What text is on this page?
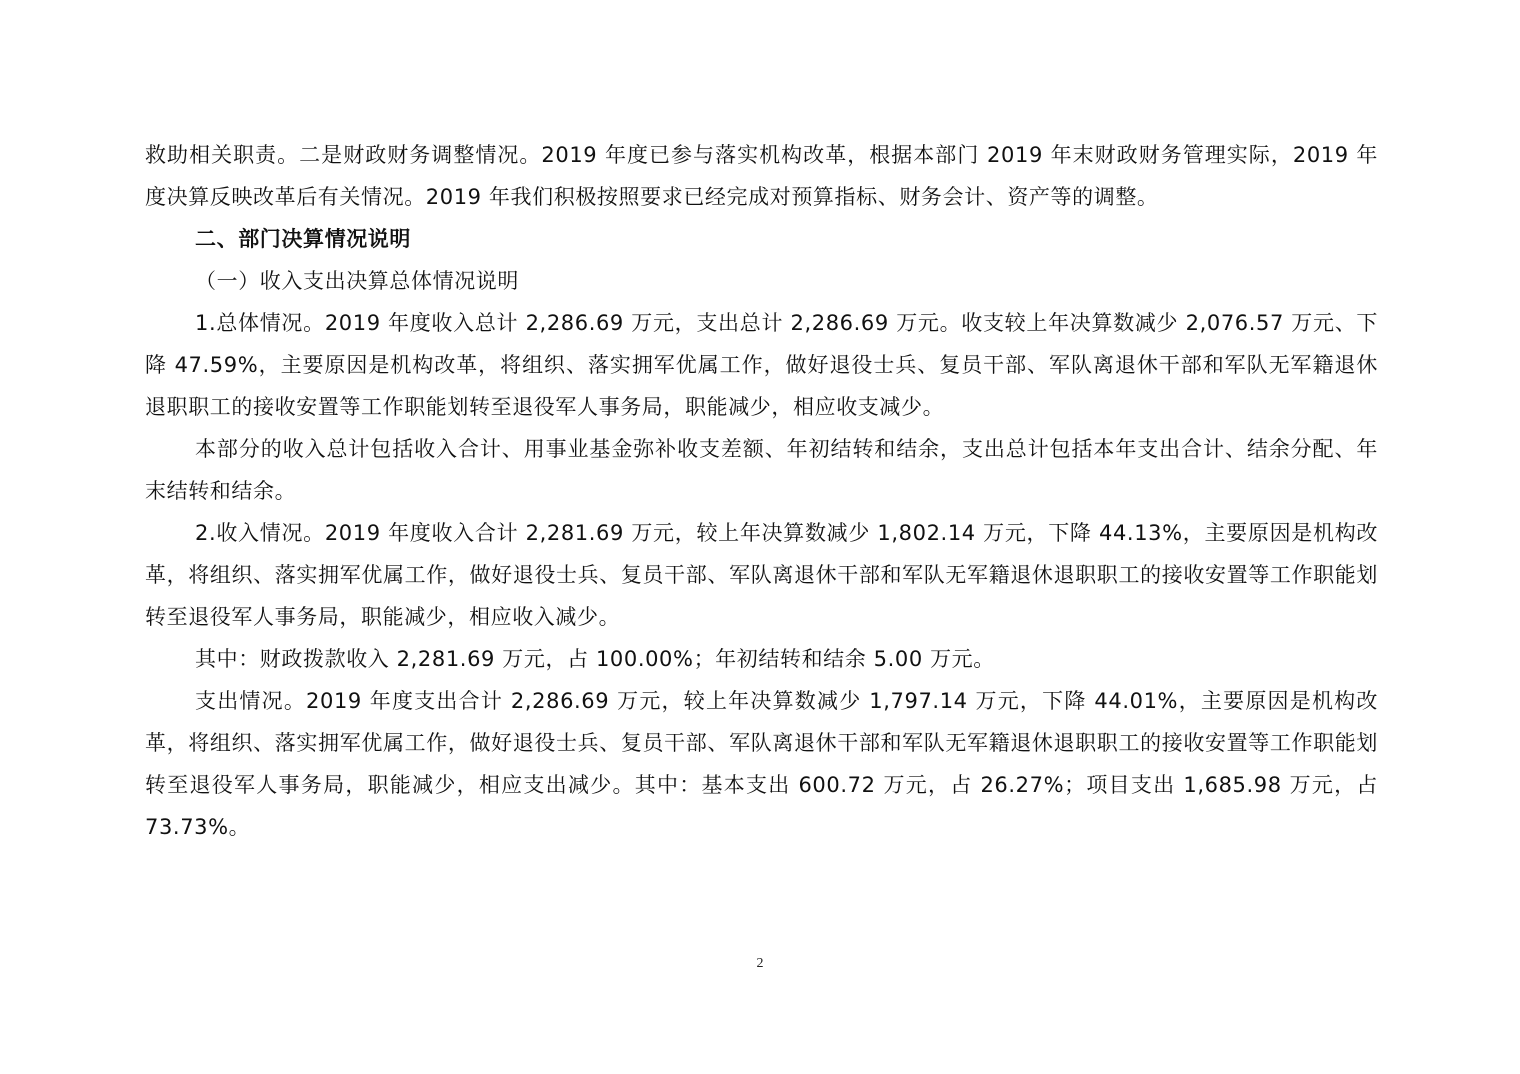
救助相关职责。二是财政财务调整情况。2019 年度已参与落实机构改革，根据本部门 2019 年末财政财务管理实际，2019 年度决算反映改革后有关情况。2019 年我们积极按照要求已经完成对预算指标、财务会计、资产等的调整。

二、部门决算情况说明

（一）收入支出决算总体情况说明

1.总体情况。2019 年度收入总计 2,286.69 万元，支出总计 2,286.69 万元。收支较上年决算数减少 2,076.57 万元、下降 47.59%，主要原因是机构改革，将组织、落实拥军优属工作，做好退役士兵、复员干部、军队离退休干部和军队无军籍退休退职职工的接收安置等工作职能划转至退役军人事务局，职能减少，相应收支减少。

本部分的收入总计包括收入合计、用事业基金弥补收支差额、年初结转和结余，支出总计包括本年支出合计、结余分配、年末结转和结余。

2.收入情况。2019 年度收入合计 2,281.69 万元，较上年决算数减少 1,802.14 万元，下降 44.13%，主要原因是机构改革，将组织、落实拥军优属工作，做好退役士兵、复员干部、军队离退休干部和军队无军籍退休退职职工的接收安置等工作职能划转至退役军人事务局，职能减少，相应收入减少。

其中：财政拨款收入 2,281.69 万元，占 100.00%；年初结转和结余 5.00 万元。

支出情况。2019 年度支出合计 2,286.69 万元，较上年决算数减少 1,797.14 万元，下降 44.01%，主要原因是机构改革，将组织、落实拥军优属工作，做好退役士兵、复员干部、军队离退休干部和军队无军籍退休退职职工的接收安置等工作职能划转至退役军人事务局，职能减少，相应支出减少。其中：基本支出 600.72 万元，占 26.27%；项目支出 1,685.98 万元，占 73.73%。

2
